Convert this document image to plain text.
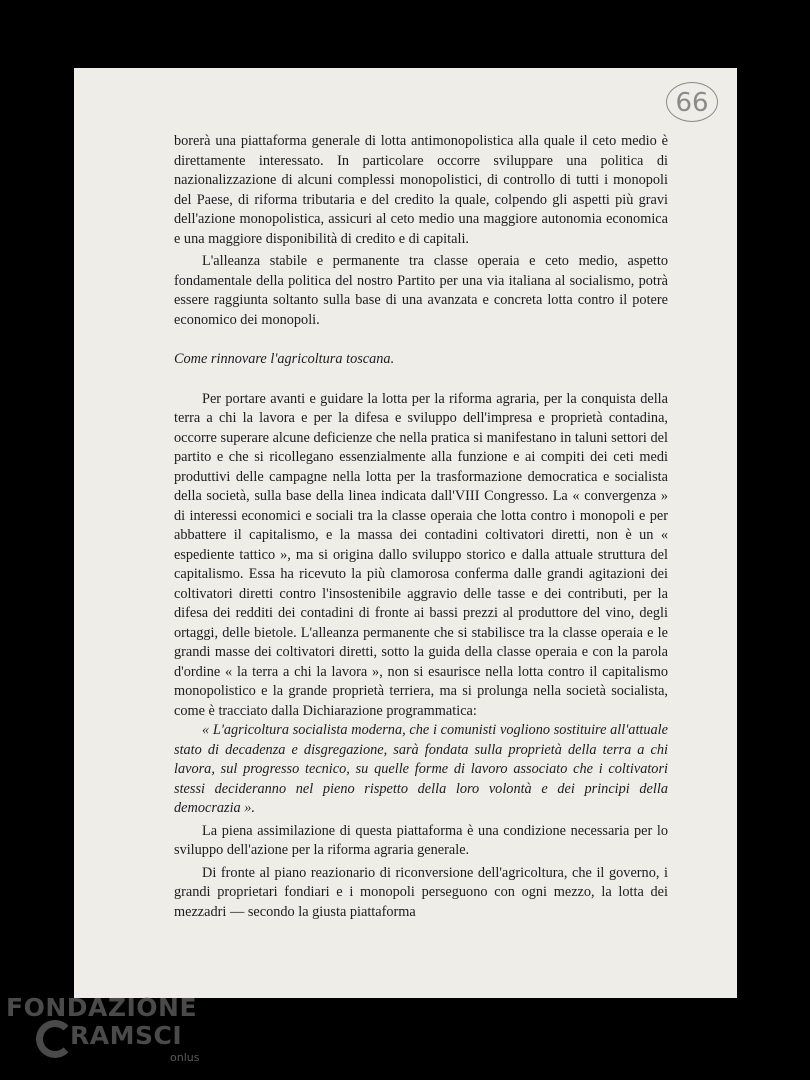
66

borerà una piattaforma generale di lotta antimonopolistica alla quale il ceto medio è direttamente interessato. In particolare occorre sviluppare una politica di nazionalizzazione di alcuni complessi monopolistici, di controllo di tutti i monopoli del Paese, di riforma tributaria e del credito la quale, colpendo gli aspetti più gravi dell'azione monopolistica, assicuri al ceto medio una maggiore autonomia economica e una maggiore disponibilità di credito e di capitali.

L'alleanza stabile e permanente tra classe operaia e ceto medio, aspetto fondamentale della politica del nostro Partito per una via italiana al socialismo, potrà essere raggiunta soltanto sulla base di una avanzata e concreta lotta contro il potere economico dei monopoli.

Come rinnovare l'agricoltura toscana.

Per portare avanti e guidare la lotta per la riforma agraria, per la conquista della terra a chi la lavora e per la difesa e sviluppo dell'impresa e proprietà contadina, occorre superare alcune deficienze che nella pratica si manifestano in taluni settori del partito e che si ricollegano essenzialmente alla funzione e ai compiti dei ceti medi produttivi delle campagne nella lotta per la trasformazione democratica e socialista della società, sulla base della linea indicata dall'VIII Congresso. La « convergenza » di interessi economici e sociali tra la classe operaia che lotta contro i monopoli e per abbattere il capitalismo, e la massa dei contadini coltivatori diretti, non è un « espediente tattico », ma si origina dallo sviluppo storico e dalla attuale struttura del capitalismo. Essa ha ricevuto la più clamorosa conferma dalle grandi agitazioni dei coltivatori diretti contro l'insostenibile aggravio delle tasse e dei contributi, per la difesa dei redditi dei contadini di fronte ai bassi prezzi al produttore del vino, degli ortaggi, delle bietole. L'alleanza permanente che si stabilisce tra la classe operaia e le grandi masse dei coltivatori diretti, sotto la guida della classe operaia e con la parola d'ordine « la terra a chi la lavora », non si esaurisce nella lotta contro il capitalismo monopolistico e la grande proprietà terriera, ma si prolunga nella società socialista, come è tracciato dalla Dichiarazione programmatica:

« L'agricoltura socialista moderna, che i comunisti vogliono sostituire all'attuale stato di decadenza e disgregazione, sarà fondata sulla proprietà della terra a chi lavora, sul progresso tecnico, su quelle forme di lavoro associato che i coltivatori stessi decideranno nel pieno rispetto della loro volontà e dei principi della democrazia ».

La piena assimilazione di questa piattaforma è una condizione necessaria per lo sviluppo dell'azione per la riforma agraria generale.

Di fronte al piano reazionario di riconversione dell'agricoltura, che il governo, i grandi proprietari fondiari e i monopoli perseguono con ogni mezzo, la lotta dei mezzadri — secondo la giusta piattaforma

FONDAZIONE
RAMSCI
onlus
